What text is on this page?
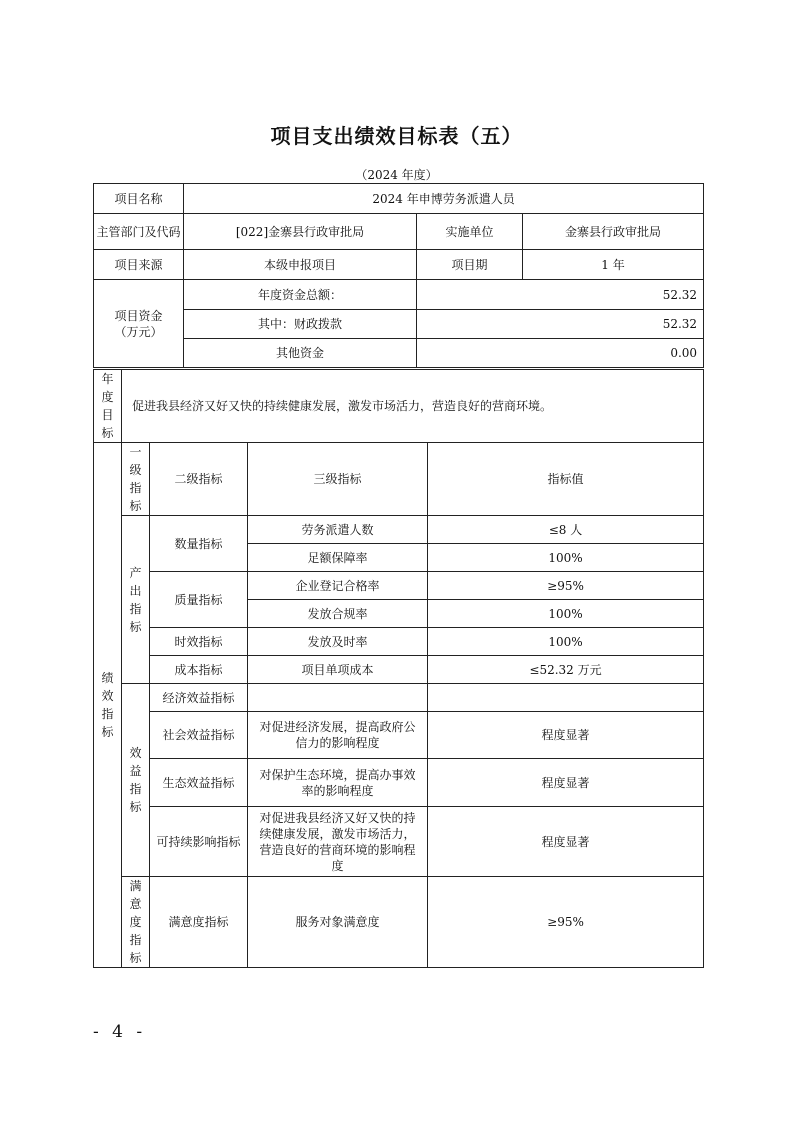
项目支出绩效目标表（五）
（2024 年度）
项目名称	2024 年申博劳务派遣人员		
主管部门及代码	[022]金寨县行政审批局	实施单位	金寨县行政审批局
项目来源	本级申报项目	项目期	1 年
项目资金（万元）	年度资金总额：	52.32	
	其中：财政拨款	52.32	
	其他资金	0.00	
年度目标	促进我县经济又好又快的持续健康发展，激发市场活力，营造良好的营商环境。			
绩效指标	一级指标	二级指标	三级指标	指标值
	产出指标	数量指标	劳务派遣人数	≤8 人
			足额保障率	100%
		质量指标	企业登记合格率	≥95%
			发放合规率	100%
		时效指标	发放及时率	100%
		成本指标	项目单项成本	≤52.32 万元
	效益指标	经济效益指标		
		社会效益指标	对促进经济发展，提高政府公信力的影响程度	程度显著
		生态效益指标	对保护生态环境，提高办事效率的影响程度	程度显著
		可持续影响指标	对促进我县经济又好又快的持续健康发展，激发市场活力，营造良好的营商环境的影响程度	程度显著
	满意度指标	满意度指标	服务对象满意度	≥95%
- 4 -
